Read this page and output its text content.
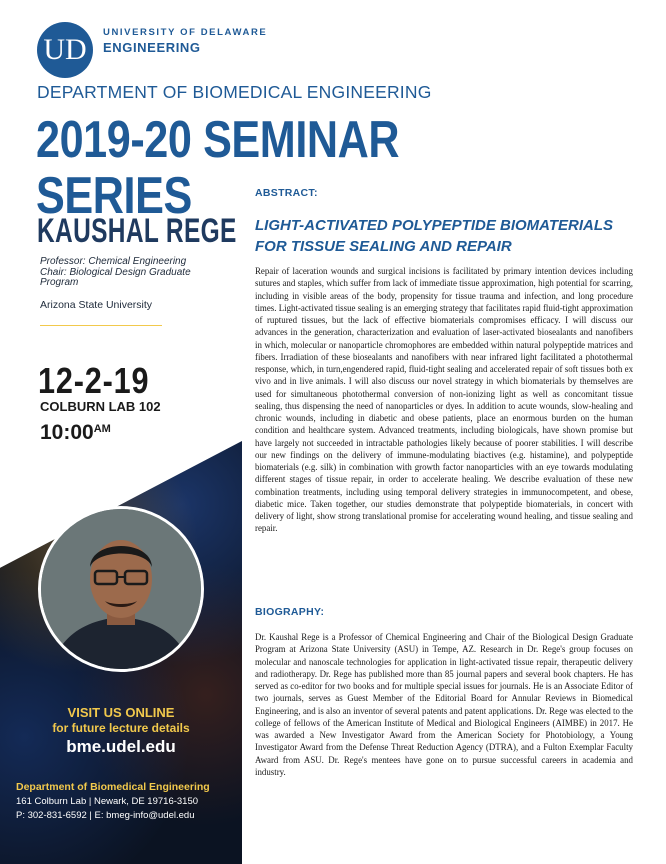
UD
UNIVERSITY OF DELAWARE
ENGINEERING
DEPARTMENT OF BIOMEDICAL ENGINEERING
2019-20 SEMINAR SERIES
KAUSHAL REGE
Professor: Chemical Engineering Chair: Biological Design Graduate Program
Arizona State University
12-2-19
COLBURN LAB 102
$10:00^{AM}$
VISIT US ONLINE
for future lecture details
bme.udel.edu
Department of Biomedical Engineering
161 Colburn Lab | Newark, DE 19716-3150
P: 302-831-6592 | E: bmeg-info@udel.edu
ABSTRACT:
LIGHT-ACTIVATED POLYPEPTIDE BIOMATERIALS FOR TISSUE SEALING AND REPAIR

Repair of laceration wounds and surgical incisions is facilitated by primary intention devices including sutures and staples, which suffer from lack of immediate tissue approximation, high potential for scarring, including in visible areas of the body, propensity for tissue trauma and infection, and long procedure times. Light-activated tissue sealing is an emerging strategy that facilitates rapid fluid-tight approximation of ruptured tissues, but the lack of effective biomaterials compromises efficacy. I will discuss our advances in the generation, characterization and evaluation of laser-activated biosealants and nanofibers in which, molecular or nanoparticle chromophores are embedded within natural polypeptide matrices and fibers. Irradiation of these biosealants and nanofibers with near infrared light facilitated a photothermal response, which, in turn,engendered rapid, fluid-tight sealing and accelerated repair of soft tissues both ex vivo and in live animals. I will also discuss our novel strategy in which biomaterials by themselves are used for simultaneous photothermal conversion of non-ionizing light as well as concomitant tissue sealing, thus dispensing the need of nanoparticles or dyes. In addition to acute wounds, slow-healing and chronic wounds, including in diabetic and obese patients, place an enormous burden on the human condition and healthcare system. Advanced treatments, including biologicals, have shown promise but have largely not succeeded in intractable pathologies likely because of poorer stabilities. I will describe our new findings on the delivery of immune-modulating biactives (e.g. histamine), and polypeptide biomaterials (e.g. silk) in combination with growth factor nanoparticles with an eye towards modulating different stages of tissue repair, in order to accelerate healing. We describe evaluation of these new combination treatments, including using temporal delivery strategies in immunocompetent, and obese, diabetic mice. Taken together, our studies demonstrate that polypeptide biomaterials, in concert with delivery of light, show strong translational promise for accelerating wound healing, and tissue sealing and repair.

BIOGRAPHY:

Dr. Kaushal Rege is a Professor of Chemical Engineering and Chair of the Biological Design Graduate Program at Arizona State University (ASU) in Tempe, AZ. Research in Dr. Rege's group focuses on molecular and nanoscale technologies for application in light-activated tissue repair, therapeutic delivery and radiotherapy. Dr. Rege has published more than 85 journal papers and several book chapters. He has served as co-editor for two books and for multiple special issues for journals. He is an Associate Editor of two journals, serves as Guest Member of the Editorial Board for Annular Reviews in Biomedical Engineering, and is also an inventor of several patents and patent applications. Dr. Rege was elected to the college of fellows of the American Institute of Medical and Biological Engineers (AIMBE) in 2017. He was awarded a New Investigator Award from the American Society for Photobiology, a Young Investigator Award from the Defense Threat Reduction Agency (DTRA), and a Fulton Exemplar Faculty Award from ASU. Dr. Rege's mentees have gone on to pursue successful careers in academia and industry.
